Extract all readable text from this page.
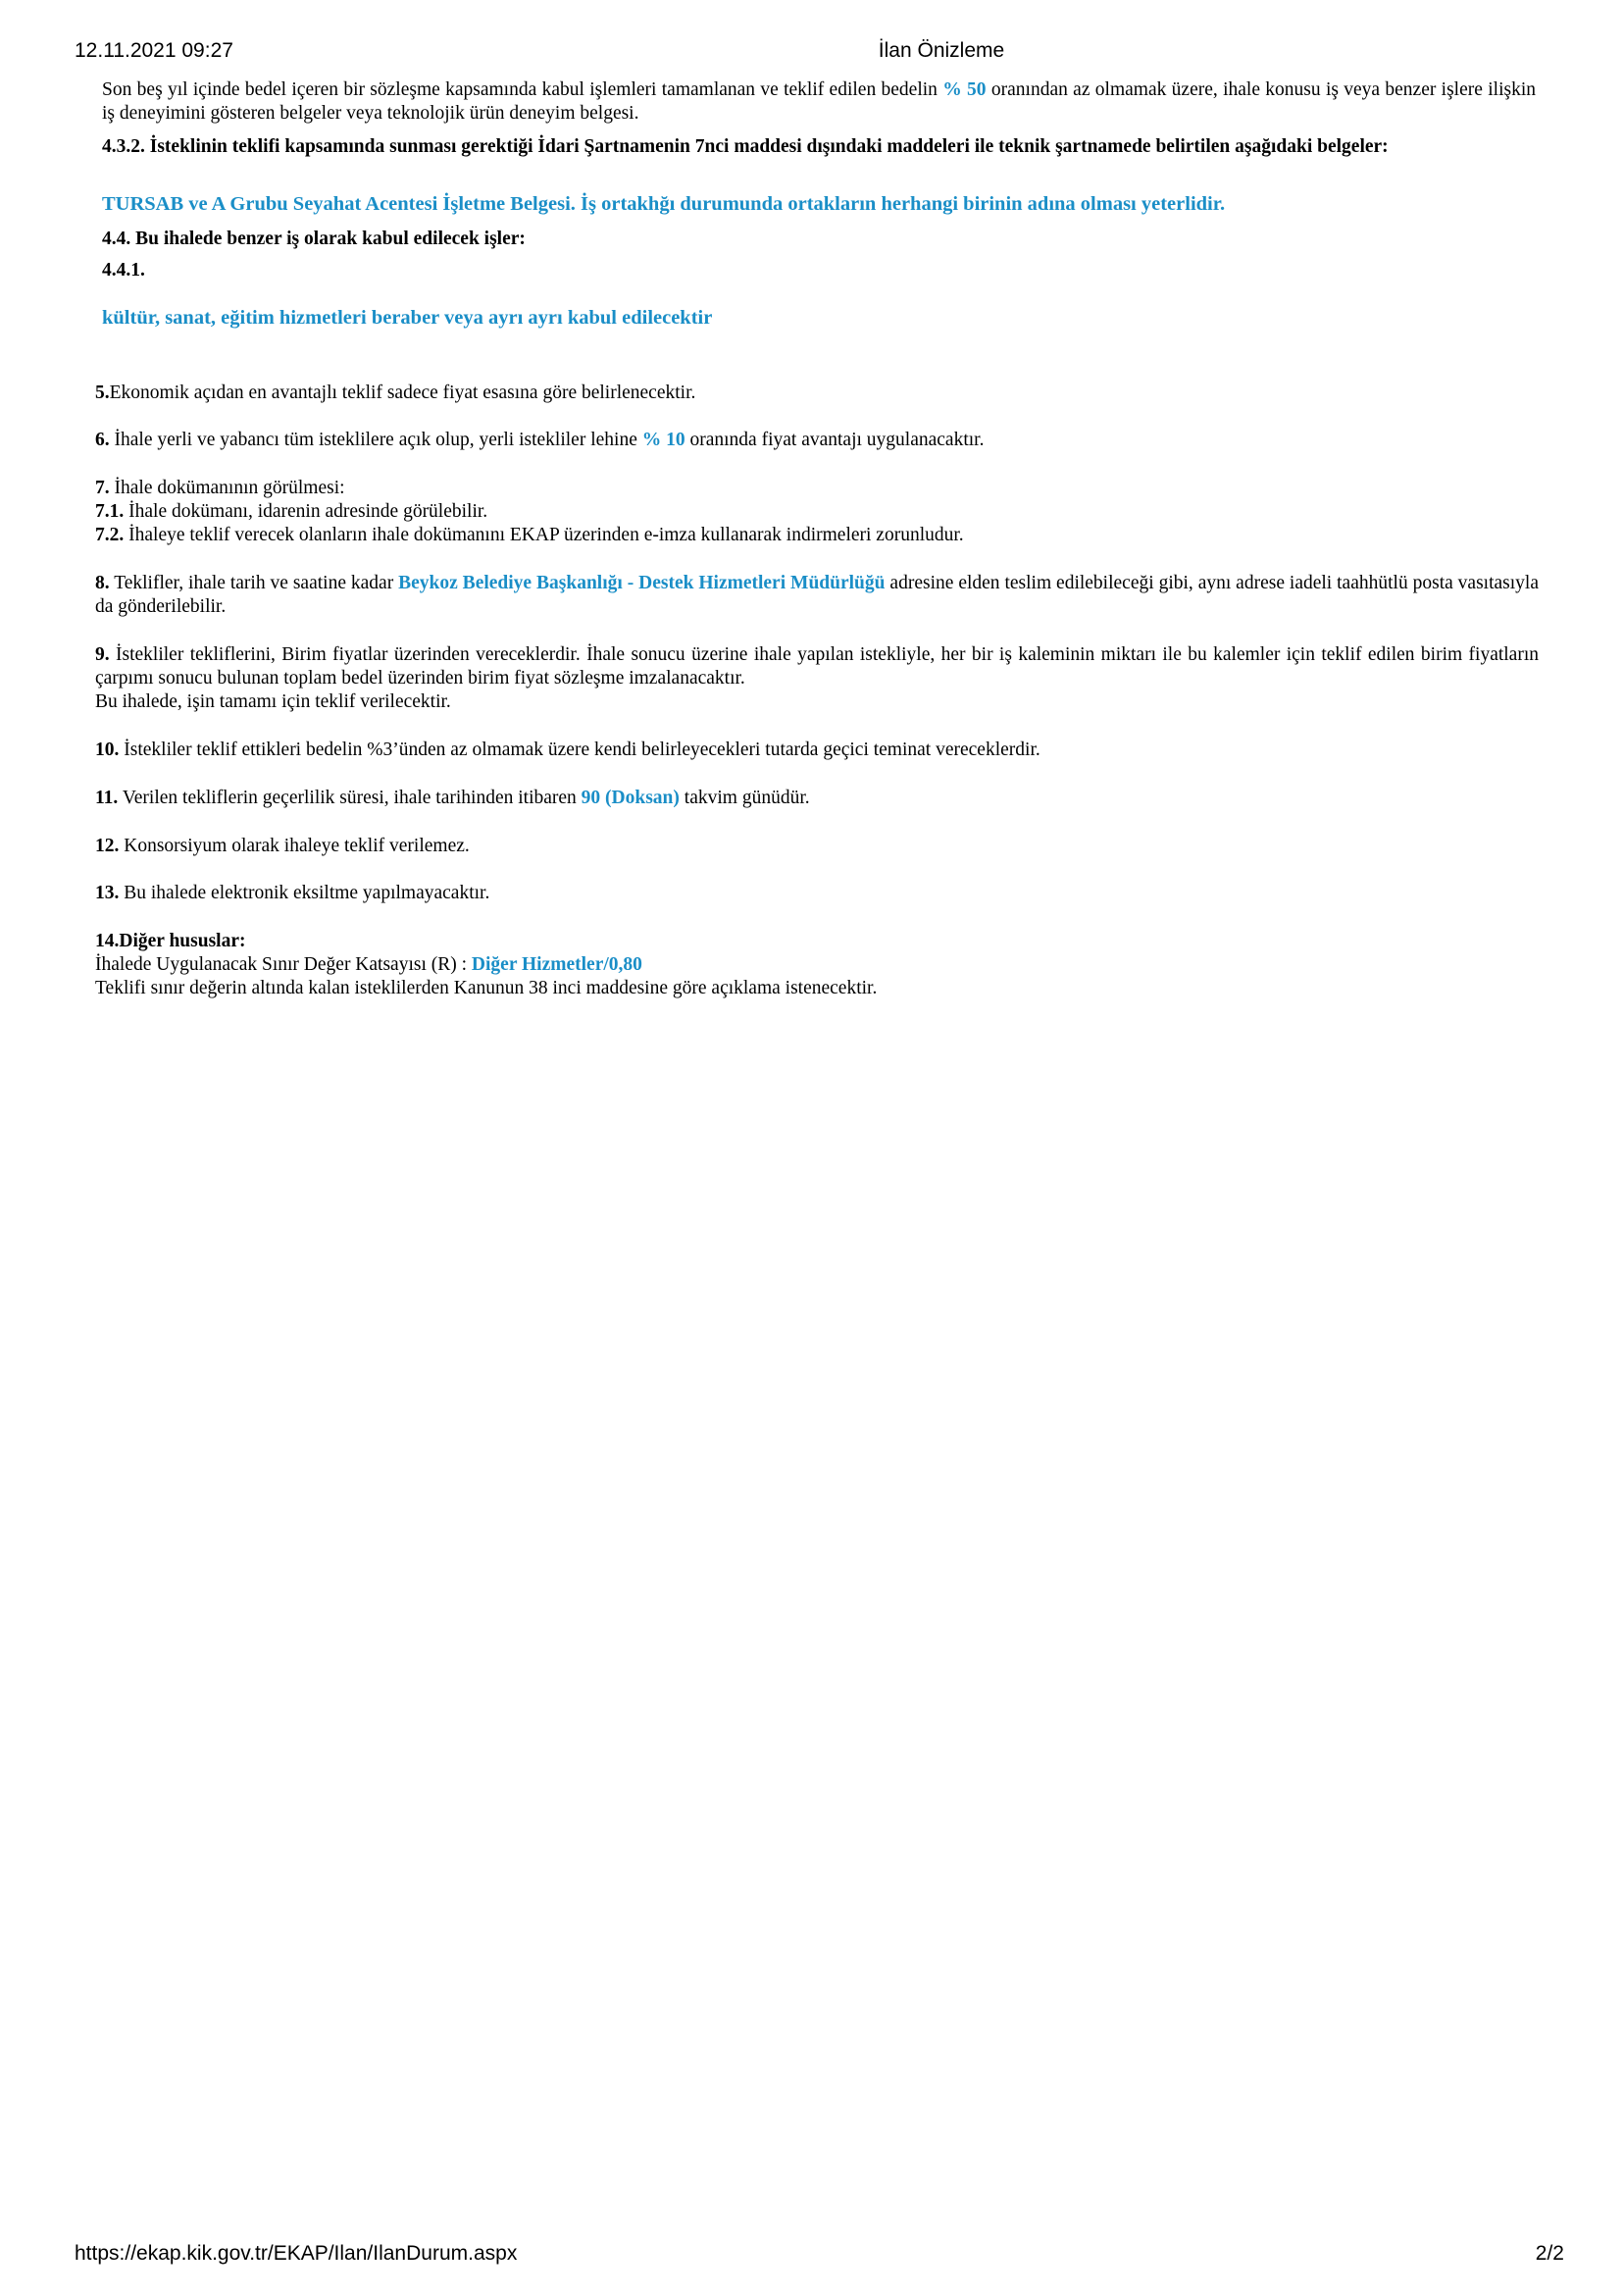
12.11.2021 09:27	İlan Önizleme
Son beş yıl içinde bedel içeren bir sözleşme kapsamında kabul işlemleri tamamlanan ve teklif edilen bedelin % 50 oranından az olmamak üzere, ihale konusu iş veya benzer işlere ilişkin iş deneyimini gösteren belgeler veya teknolojik ürün deneyim belgesi.
4.3.2. İsteklinin teklifi kapsamında sunması gerektiği İdari Şartnamenin 7nci maddesi dışındaki maddeleri ile teknik şartnamede belirtilen aşağıdaki belgeler:
TURSAB ve A Grubu Seyahat Acentesi İşletme Belgesi. İş ortakhğı durumunda ortakların herhangi birinin adına olması yeterlidir.
4.4. Bu ihalede benzer iş olarak kabul edilecek işler:
4.4.1.
kültür, sanat, eğitim hizmetleri beraber veya ayrı ayrı kabul edilecektir
5.Ekonomik açıdan en avantajlı teklif sadece fiyat esasına göre belirlenecektir.
6. İhale yerli ve yabancı tüm isteklilere açık olup, yerli istekliler lehine % 10 oranında fiyat avantajı uygulanacaktır.
7. İhale dokümanının görülmesi:
7.1. İhale dokümanı, idarenin adresinde görülebilir.
7.2. İhaleye teklif verecek olanların ihale dokümanını EKAP üzerinden e-imza kullanarak indirmeleri zorunludur.
8. Teklifler, ihale tarih ve saatine kadar Beykoz Belediye Başkanlığı - Destek Hizmetleri Müdürlüğü adresine elden teslim edilebileceği gibi, aynı adrese iadeli taahhütlü posta vasıtasıyla da gönderilebilir.
9. İstekliler tekliflerini, Birim fiyatlar üzerinden vereceklerdir. İhale sonucu üzerine ihale yapılan istekliyle, her bir iş kaleminin miktarı ile bu kalemler için teklif edilen birim fiyatların çarpımı sonucu bulunan toplam bedel üzerinden birim fiyat sözleşme imzalanacaktır.
Bu ihalede, işin tamamı için teklif verilecektir.
10. İstekliler teklif ettikleri bedelin %3’ünden az olmamak üzere kendi belirleyecekleri tutarda geçici teminat vereceklerdir.
11. Verilen tekliflerin geçerlilik süresi, ihale tarihinden itibaren 90 (Doksan) takvim günüdür.
12. Konsorsiyum olarak ihaleye teklif verilemez.
13. Bu ihalede elektronik eksiltme yapılmayacaktır.
14.Diğer hususlar:
İhalede Uygulanacak Sınır Değer Katsayısı (R) : Diğer Hizmetler/0,80
Teklifi sınır değerin altında kalan isteklilerden Kanunun 38 inci maddesine göre açıklama istenecektir.
https://ekap.kik.gov.tr/EKAP/Ilan/IlanDurum.aspx	2/2
